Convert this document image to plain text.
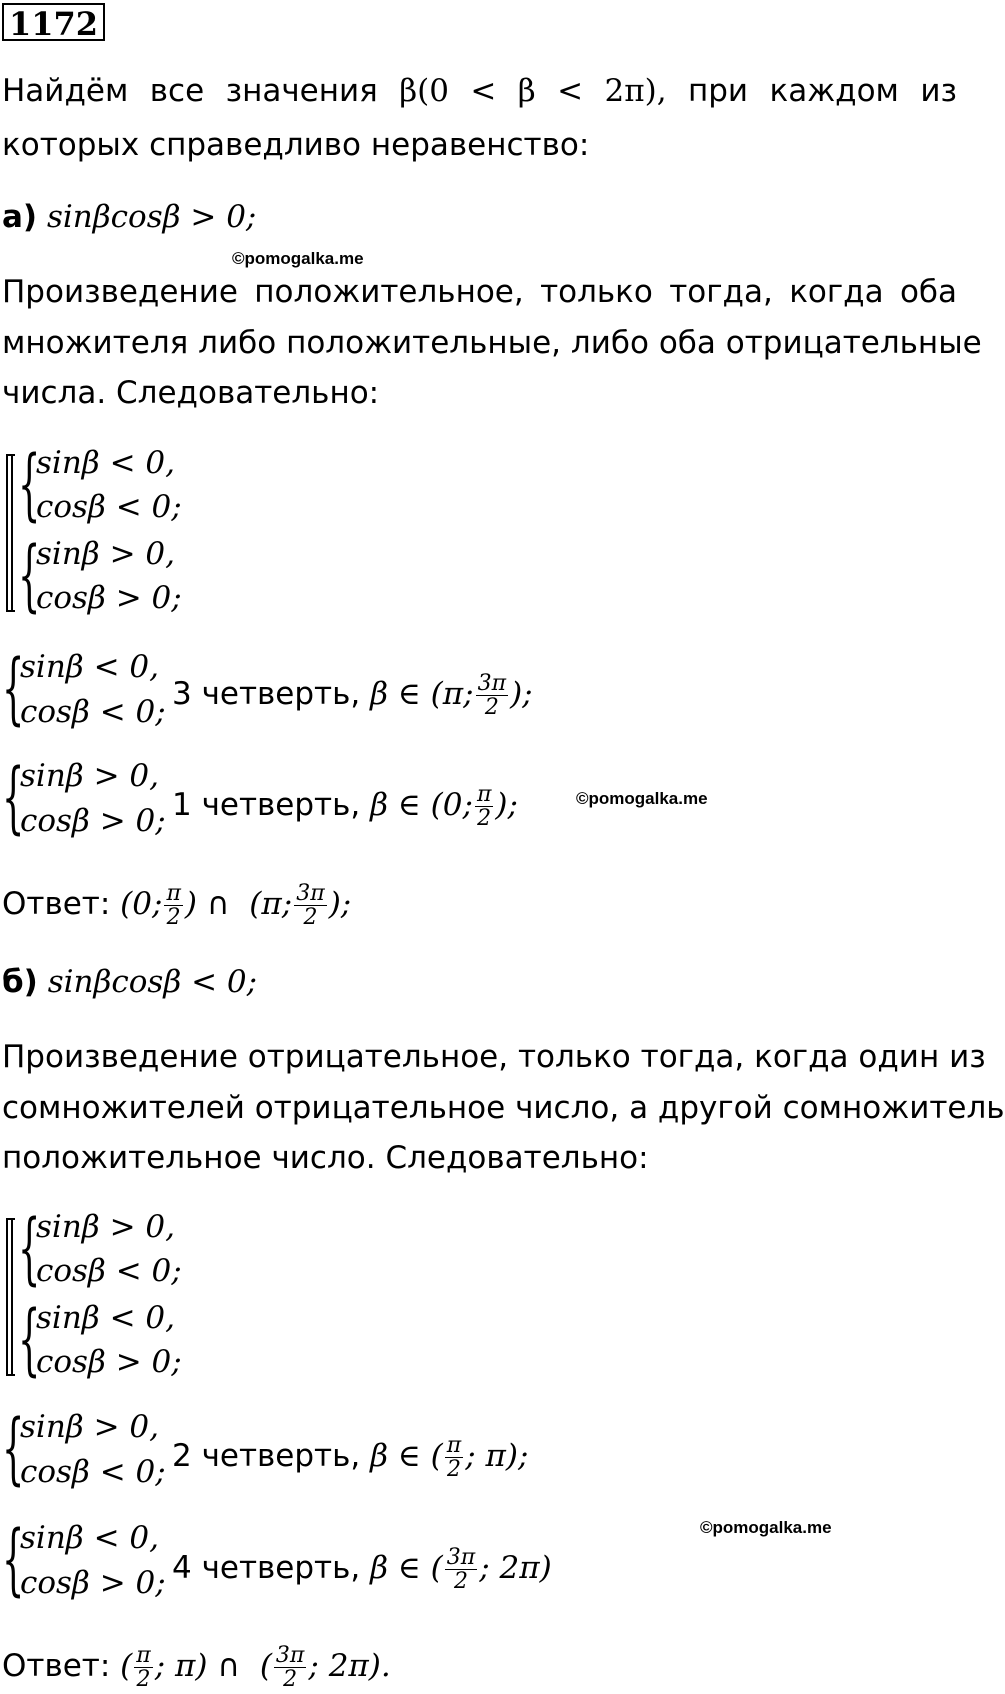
1172
Найдём все значения β(0 < β < 2π), при каждом из
которых справедливо неравенство:
а) sinβcosβ > 0;
©pomogalka.me
Произведение положительное, только тогда, когда оба
множителя либо положительные, либо оба отрицательные
числа. Следовательно:
{
sinβ < 0,
cosβ < 0;
{
sinβ > 0,
cosβ > 0;
{
sinβ < 0,
cosβ < 0; 3 четверть, β ∈ (π; $\frac{3\pi}{2}$ );
{
sinβ > 0,
cosβ > 0; 1 четверть, β ∈ (0; $\frac{\pi}{2}$ );	©pomogalka.me
Ответ: (0; $\frac{\pi}{2}$ ) ∩ (π; $\frac{3\pi}{2}$ );
б) sinβcosβ < 0;
Произведение отрицательное, только тогда, когда один из
сомножителей отрицательное число, а другой сомножитель
положительное число. Следовательно:
{
sinβ > 0,
cosβ < 0;
{
sinβ < 0,
cosβ > 0;
{
sinβ > 0,
cosβ < 0; 2 четверть, β ∈ ( $\frac{\pi}{2}$ ; π);
{
sinβ < 0,
cosβ > 0; 4 четверть, β ∈ ( $\frac{3\pi}{2}$ ; 2π)
©pomogalka.me
Ответ: ( $\frac{\pi}{2}$ ; π) ∩ ( $\frac{3\pi}{2}$ ; 2π).
